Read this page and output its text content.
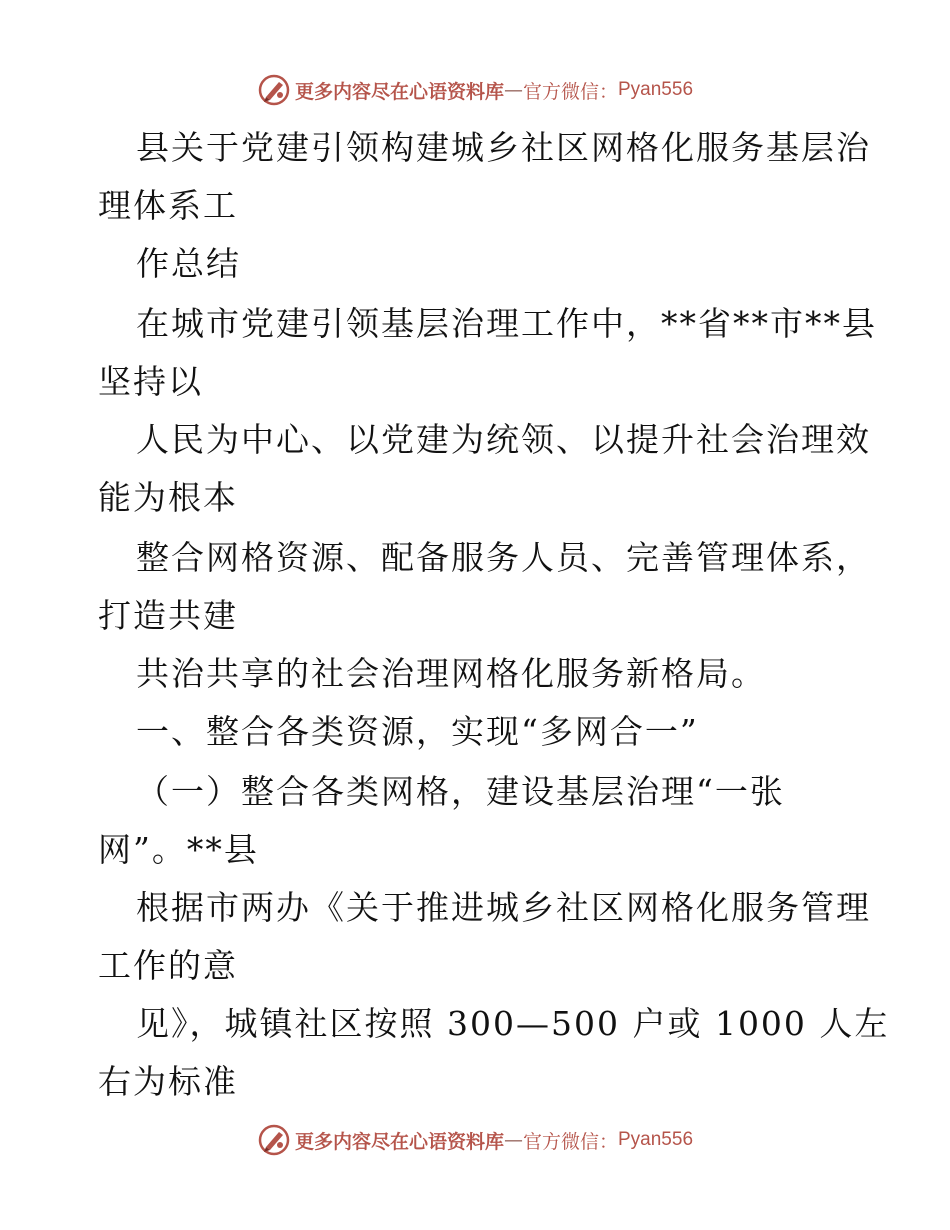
更多内容尽在心语资料库 — 官方微信： Pyan556
县关于党建引领构建城乡社区网格化服务基层治
理体系工
作总结
在城市党建引领基层治理工作中，**省**市**县
坚持以
人民为中心、以党建为统领、以提升社会治理效
能为根本
整合网格资源、配备服务人员、完善管理体系，
打造共建
共治共享的社会治理网格化服务新格局。
一、整合各类资源，实现“多网合一”
（一）整合各类网格，建设基层治理“一张
网”。**县
根据市两办《关于推进城乡社区网格化服务管理
工作的意
见》，城镇社区按照 300—500 户或 1000 人左
右为标准
更多内容尽在心语资料库 — 官方微信： Pyan556
